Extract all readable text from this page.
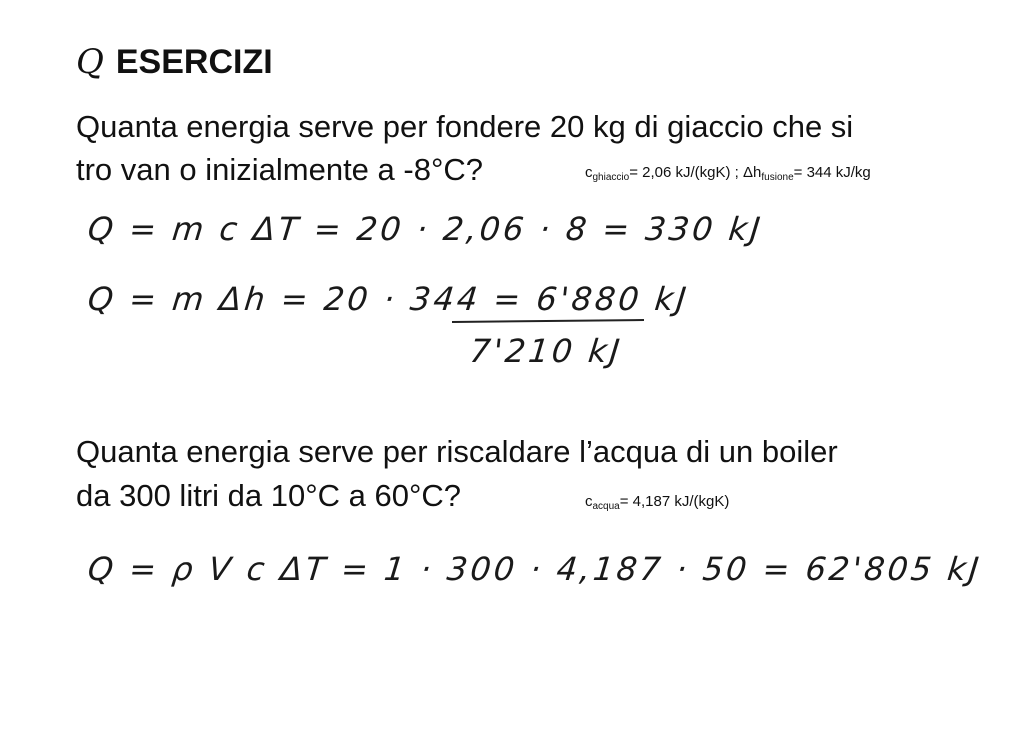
Q ESERCIZI
Quanta energia serve per fondere 20 kg di giaccio che si
tro van o inizialmente a -8°C?	$c_{ghiaccio}= 2,06$ kJ/(kgK) ; $\Delta h_{fusione}= 344$ kJ/kg
Q = m c ΔT = 20 · 2,06 · 8 = 330 kJ
Q = m Δh = 20 · 344 = 6'880 kJ
7'210 kJ
Quanta energia serve per riscaldare l’acqua di un boiler
da 300 litri da 10°C a 60°C?	$c_{acqua}= 4,187$ kJ/(kgK)
Q = ρ V c ΔT = 1 · 300 · 4,187 · 50 = 62'805 kJ
